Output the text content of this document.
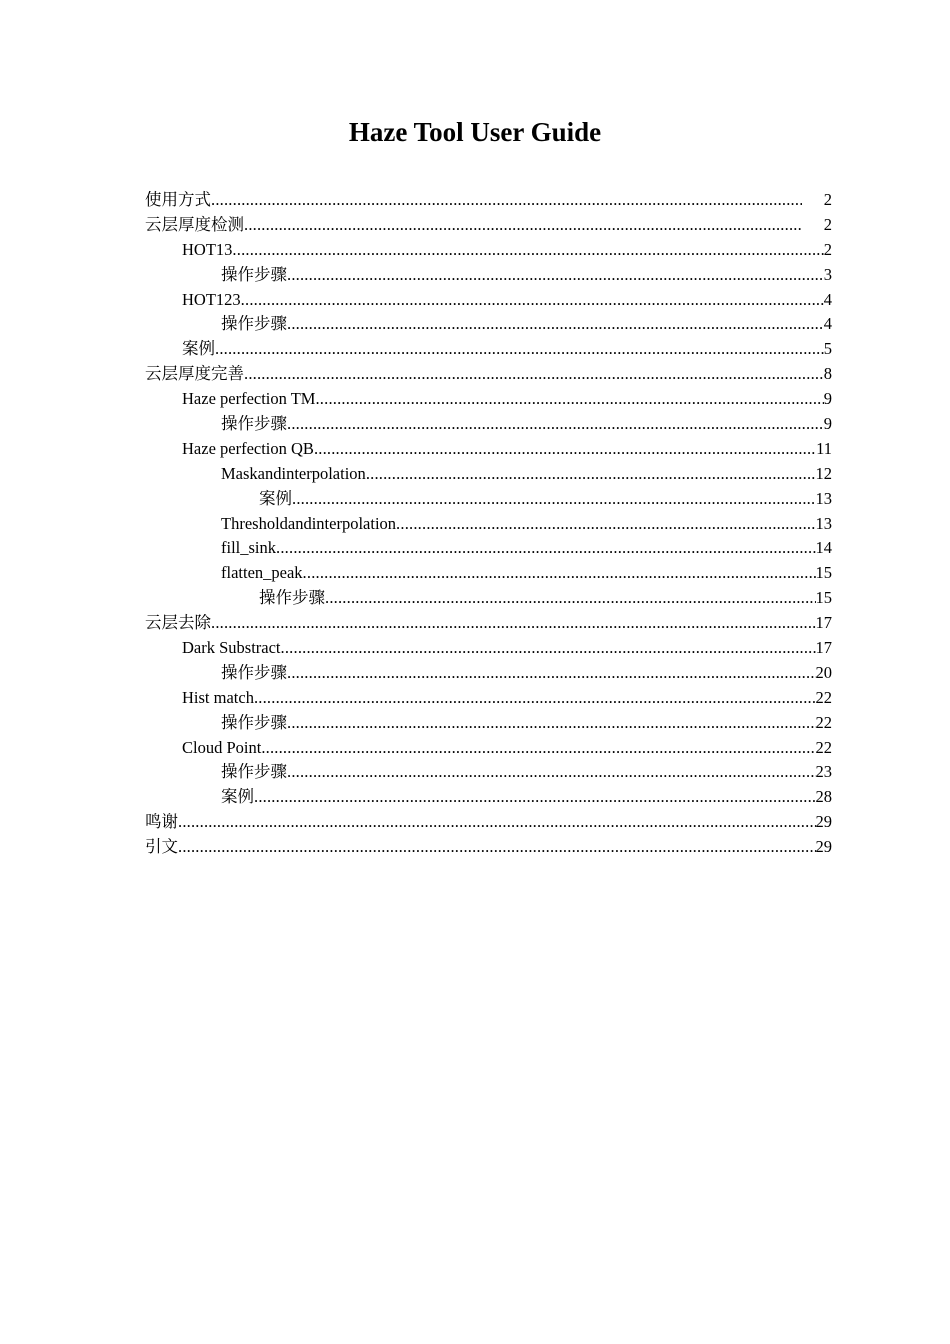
Haze Tool User Guide
使用方式 .....	2
云层厚度检测 .....	2
HOT13 .....	2
操作步骤 .....	3
HOT123 .....	4
操作步骤 .....	4
案例 .....	5
云层厚度完善 .....	8
Haze perfection TM .....	9
操作步骤 .....	9
Haze perfection QB .....	11
Maskandinterpolation .....	12
案例 .....	13
Thresholdandinterpolation .....	13
fill_sink .....	14
flatten_peak .....	15
操作步骤 .....	15
云层去除 .....	17
Dark Substract .....	17
操作步骤 .....	20
Hist match .....	22
操作步骤 .....	22
Cloud Point .....	22
操作步骤 .....	23
案例 .....	28
鸣谢 .....	29
引文 .....	29
